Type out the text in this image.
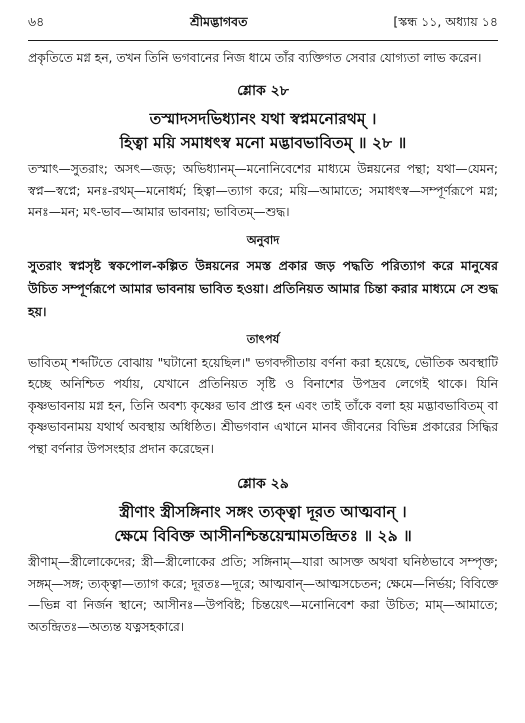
৬৪	শ্রীমদ্ভাগবত	[স্কন্ধ ১১, অধ্যায় ১৪

প্রকৃতিতে মগ্ন হন, তখন তিনি ভগবানের নিজ ধামে তাঁর ব্যক্তিগত সেবার যোগ্যতা লাভ করেন।

শ্লোক ২৮
তস্মাদসদভিধ্যানং যথা স্বপ্নমনোরথম্ ।
হিত্বা ময়ি সমাধৎস্ব মনো মদ্ভাবভাবিতম্ ॥ ২৮ ॥

তস্মাৎ—সুতরাং; অসৎ—জড়; অভিধ্যানম্—মনোনিবেশের মাধ্যমে উন্নয়নের পন্থা; যথা—যেমন; স্বপ্ন—স্বপ্নে; মনঃ-রথম্—মনোধর্ম; হিত্বা—ত্যাগ করে; ময়ি—আমাতে; সমাধৎস্ব—সম্পূর্ণরূপে মগ্ন; মনঃ—মন; মৎ-ভাব—আমার ভাবনায়; ভাবিতম্—শুদ্ধ।

অনুবাদ

সুতরাং স্বপ্নসৃষ্ট স্বকপোল-কল্পিত উন্নয়নের সমস্ত প্রকার জড় পদ্ধতি পরিত্যাগ করে মানুষের উচিত সম্পূর্ণরূপে আমার ভাবনায় ভাবিত হওয়া। প্রতিনিয়ত আমার চিন্তা করার মাধ্যমে সে শুদ্ধ হয়।

তাৎপর্য

ভাবিতম্ শব্দটিতে বোঝায় "ঘটানো হয়েছিল।" ভগবদ্গীতায় বর্ণনা করা হয়েছে, ভৌতিক অবস্থাটি হচ্ছে অনিশ্চিত পর্যায়, যেখানে প্রতিনিয়ত সৃষ্টি ও বিনাশের উপদ্রব লেগেই থাকে। যিনি কৃষ্ণভাবনায় মগ্ন হন, তিনি অবশ্য কৃষ্ণের ভাব প্রাপ্ত হন এবং তাই তাঁকে বলা হয় মদ্ভাবভাবিতম্ বা কৃষ্ণভাবনাময় যথার্থ অবস্থায় অধিষ্ঠিত। শ্রীভগবান এখানে মানব জীবনের বিভিন্ন প্রকারের সিদ্ধির পন্থা বর্ণনার উপসংহার প্রদান করেছেন।

শ্লোক ২৯
স্ত্রীণাং স্ত্রীসঙ্গিনাং সঙ্গং ত্যক্ত্বা দূরত আত্মবান্ ।
ক্ষেমে বিবিক্ত আসীনশ্চিন্তয়েন্মামতন্দ্রিতঃ ॥ ২৯ ॥

স্ত্রীণাম্—স্ত্রীলোকেদের; স্ত্রী—স্ত্রীলোকের প্রতি; সঙ্গিনাম্—যারা আসক্ত অথবা ঘনিষ্ঠভাবে সম্পৃক্ত; সঙ্গম্—সঙ্গ; ত্যক্ত্বা—ত্যাগ করে; দূরতঃ—দূরে; আত্মবান্—আত্মসচেতন; ক্ষেমে—নির্ভয়; বিবিক্তে—ভিন্ন বা নির্জন স্থানে; আসীনঃ—উপবিষ্ট; চিন্তয়েৎ—মনোনিবেশ করা উচিত; মাম্—আমাতে; অতন্দ্রিতঃ—অত্যন্ত যত্নসহকারে।
